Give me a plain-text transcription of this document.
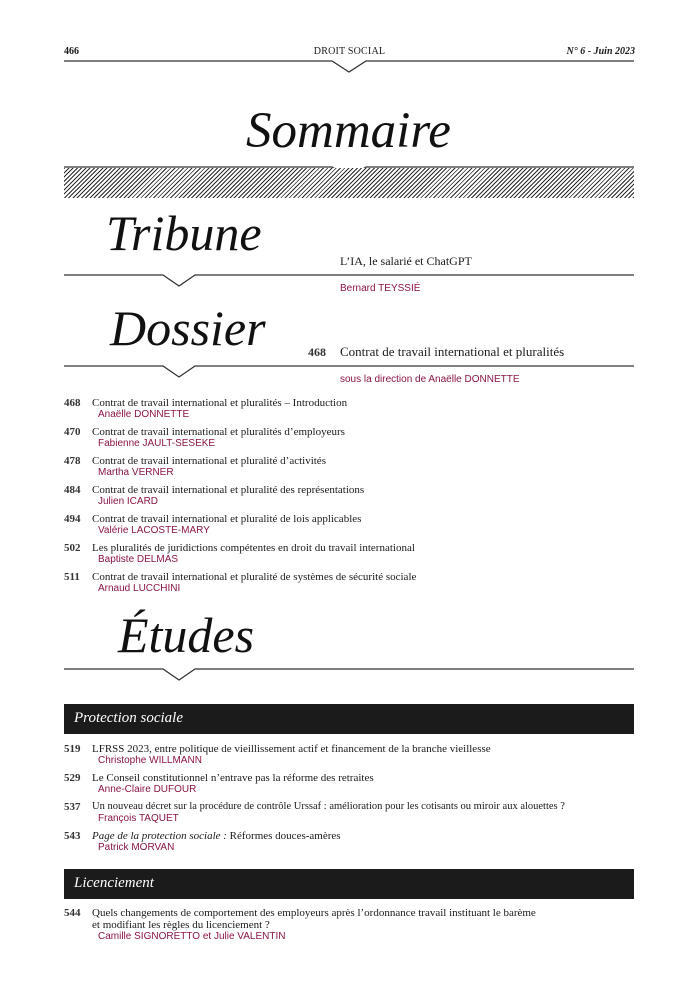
466	DROIT SOCIAL	N° 6 - Juin 2023
Sommaire
Tribune	L’IA, le salarié et ChatGPT
Bernard TEYSSIÉ
Dossier	468 Contrat de travail international et pluralités
sous la direction de Anaëlle DONNETTE
468	Contrat de travail international et pluralités – Introduction
Anaëlle DONNETTE
470	Contrat de travail international et pluralités d’employeurs
Fabienne JAULT-SESEKE
478	Contrat de travail international et pluralité d’activités
Martha VERNER
484	Contrat de travail international et pluralité des représentations
Julien ICARD
494	Contrat de travail international et pluralité de lois applicables
Valérie LACOSTE-MARY
502	Les pluralités de juridictions compétentes en droit du travail international
Baptiste DELMAS
511	Contrat de travail international et pluralité de systèmes de sécurité sociale
Arnaud LUCCHINI
Études
Protection sociale
519	LFRSS 2023, entre politique de vieillissement actif et financement de la branche vieillesse
Christophe WILLMANN
529	Le Conseil constitutionnel n’entrave pas la réforme des retraites
Anne-Claire DUFOUR
537	Un nouveau décret sur la procédure de contrôle Urssaf : amélioration pour les cotisants ou miroir aux alouettes ?
François TAQUET
543	Page de la protection sociale : Réformes douces-amères
Patrick MORVAN
Licenciement
544	Quels changements de comportement des employeurs après l’ordonnance travail instituant le barème
et modifiant les règles du licenciement ?
Camille SIGNORETTO et Julie VALENTIN
